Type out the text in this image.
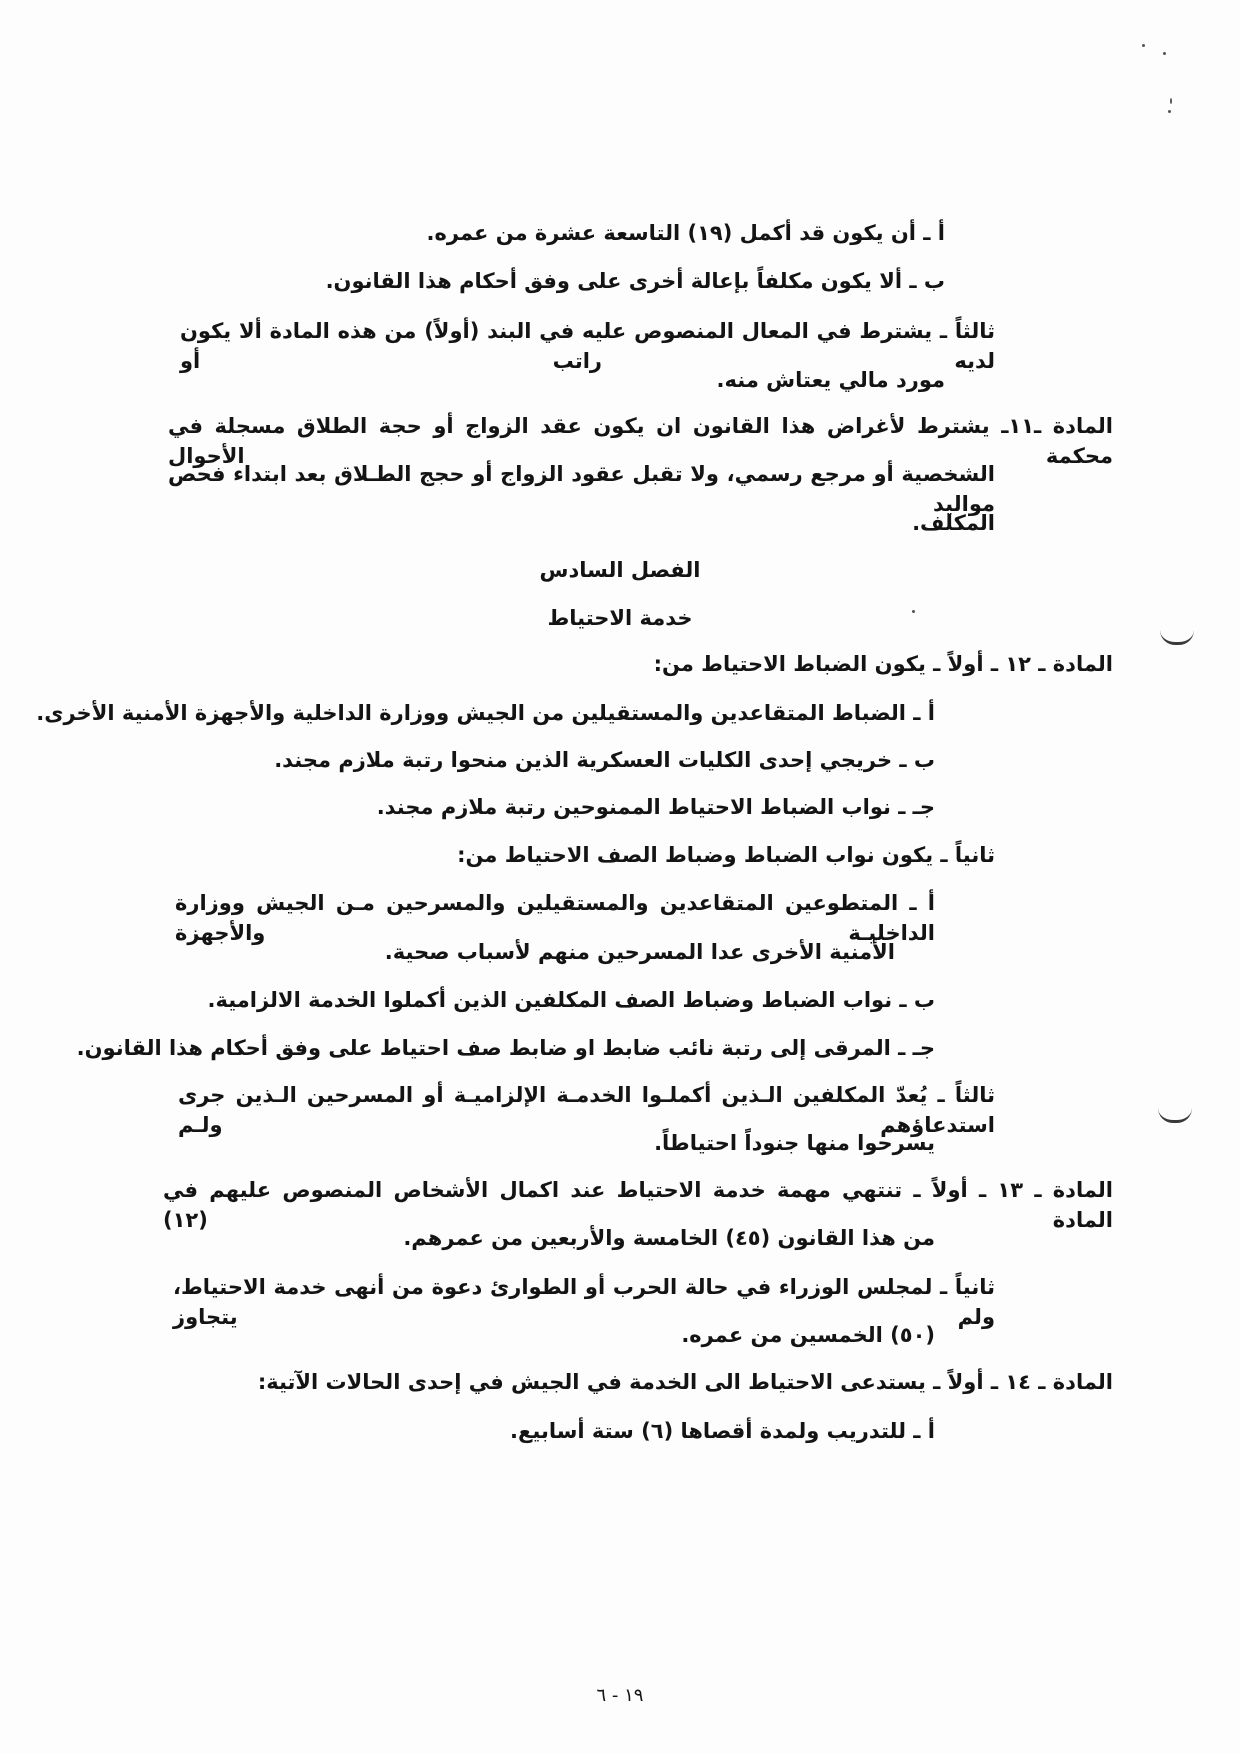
أ ـ أن يكون قد أكمل (١٩) التاسعة عشرة من عمره.
ب ـ ألا يكون مكلفاً بإعالة أخرى على وفق أحكام هذا القانون.
ثالثاً ـ يشترط في المعال المنصوص عليه في البند (أولاً) من هذه المادة ألا يكون لديه راتب أو
مورد مالي يعتاش منه.
المادة ـ١١ـ يشترط لأغراض هذا القانون ان يكون عقد الزواج أو حجة الطلاق مسجلة في محكمة الأحوال
الشخصية أو مرجع رسمي، ولا تقبل عقود الزواج أو حجج الطـلاق بعد ابتداء فحص مواليد
المكلف.
الفصل السادس
خدمة الاحتياط
المادة ـ ١٢ ـ أولاً ـ يكون الضباط الاحتياط من:
أ ـ الضباط المتقاعدين والمستقيلين من الجيش ووزارة الداخلية والأجهزة الأمنية الأخرى.
ب ـ خريجي إحدى الكليات العسكرية الذين منحوا رتبة ملازم مجند.
جـ ـ نواب الضباط الاحتياط الممنوحين رتبة ملازم مجند.
ثانياً ـ يكون نواب الضباط وضباط الصف الاحتياط من:
أ ـ المتطوعين المتقاعدين والمستقيلين والمسرحين مـن الجيش ووزارة الداخليـة والأجهزة
الأمنية الأخرى عدا المسرحين منهم لأسباب صحية.
ب ـ نواب الضباط وضباط الصف المكلفين الذين أكملوا الخدمة الالزامية.
جـ ـ المرقى إلى رتبة نائب ضابط او ضابط صف احتياط على وفق أحكام هذا القانون.
ثالثاً ـ يُعدّ المكلفين الـذين أكملـوا الخدمـة الإلزاميـة أو المسرحين الـذين جرى استدعاؤهم ولـم
يسرحوا منها جنوداً احتياطاً.
المادة ـ ١٣ ـ أولاً ـ تنتهي مهمة خدمة الاحتياط عند اكمال الأشخاص المنصوص عليهم في المادة (١٢)
من هذا القانون (٤٥) الخامسة والأربعين من عمرهم.
ثانياً ـ لمجلس الوزراء في حالة الحرب أو الطوارئ دعوة من أنهى خدمة الاحتياط، ولم يتجاوز
(٥٠) الخمسين من عمره.
المادة ـ ١٤ ـ أولاً ـ يستدعى الاحتياط الى الخدمة في الجيش في إحدى الحالات الآتية:
أ ـ للتدريب ولمدة أقصاها (٦) ستة أسابيع.
١٩ - ٦
